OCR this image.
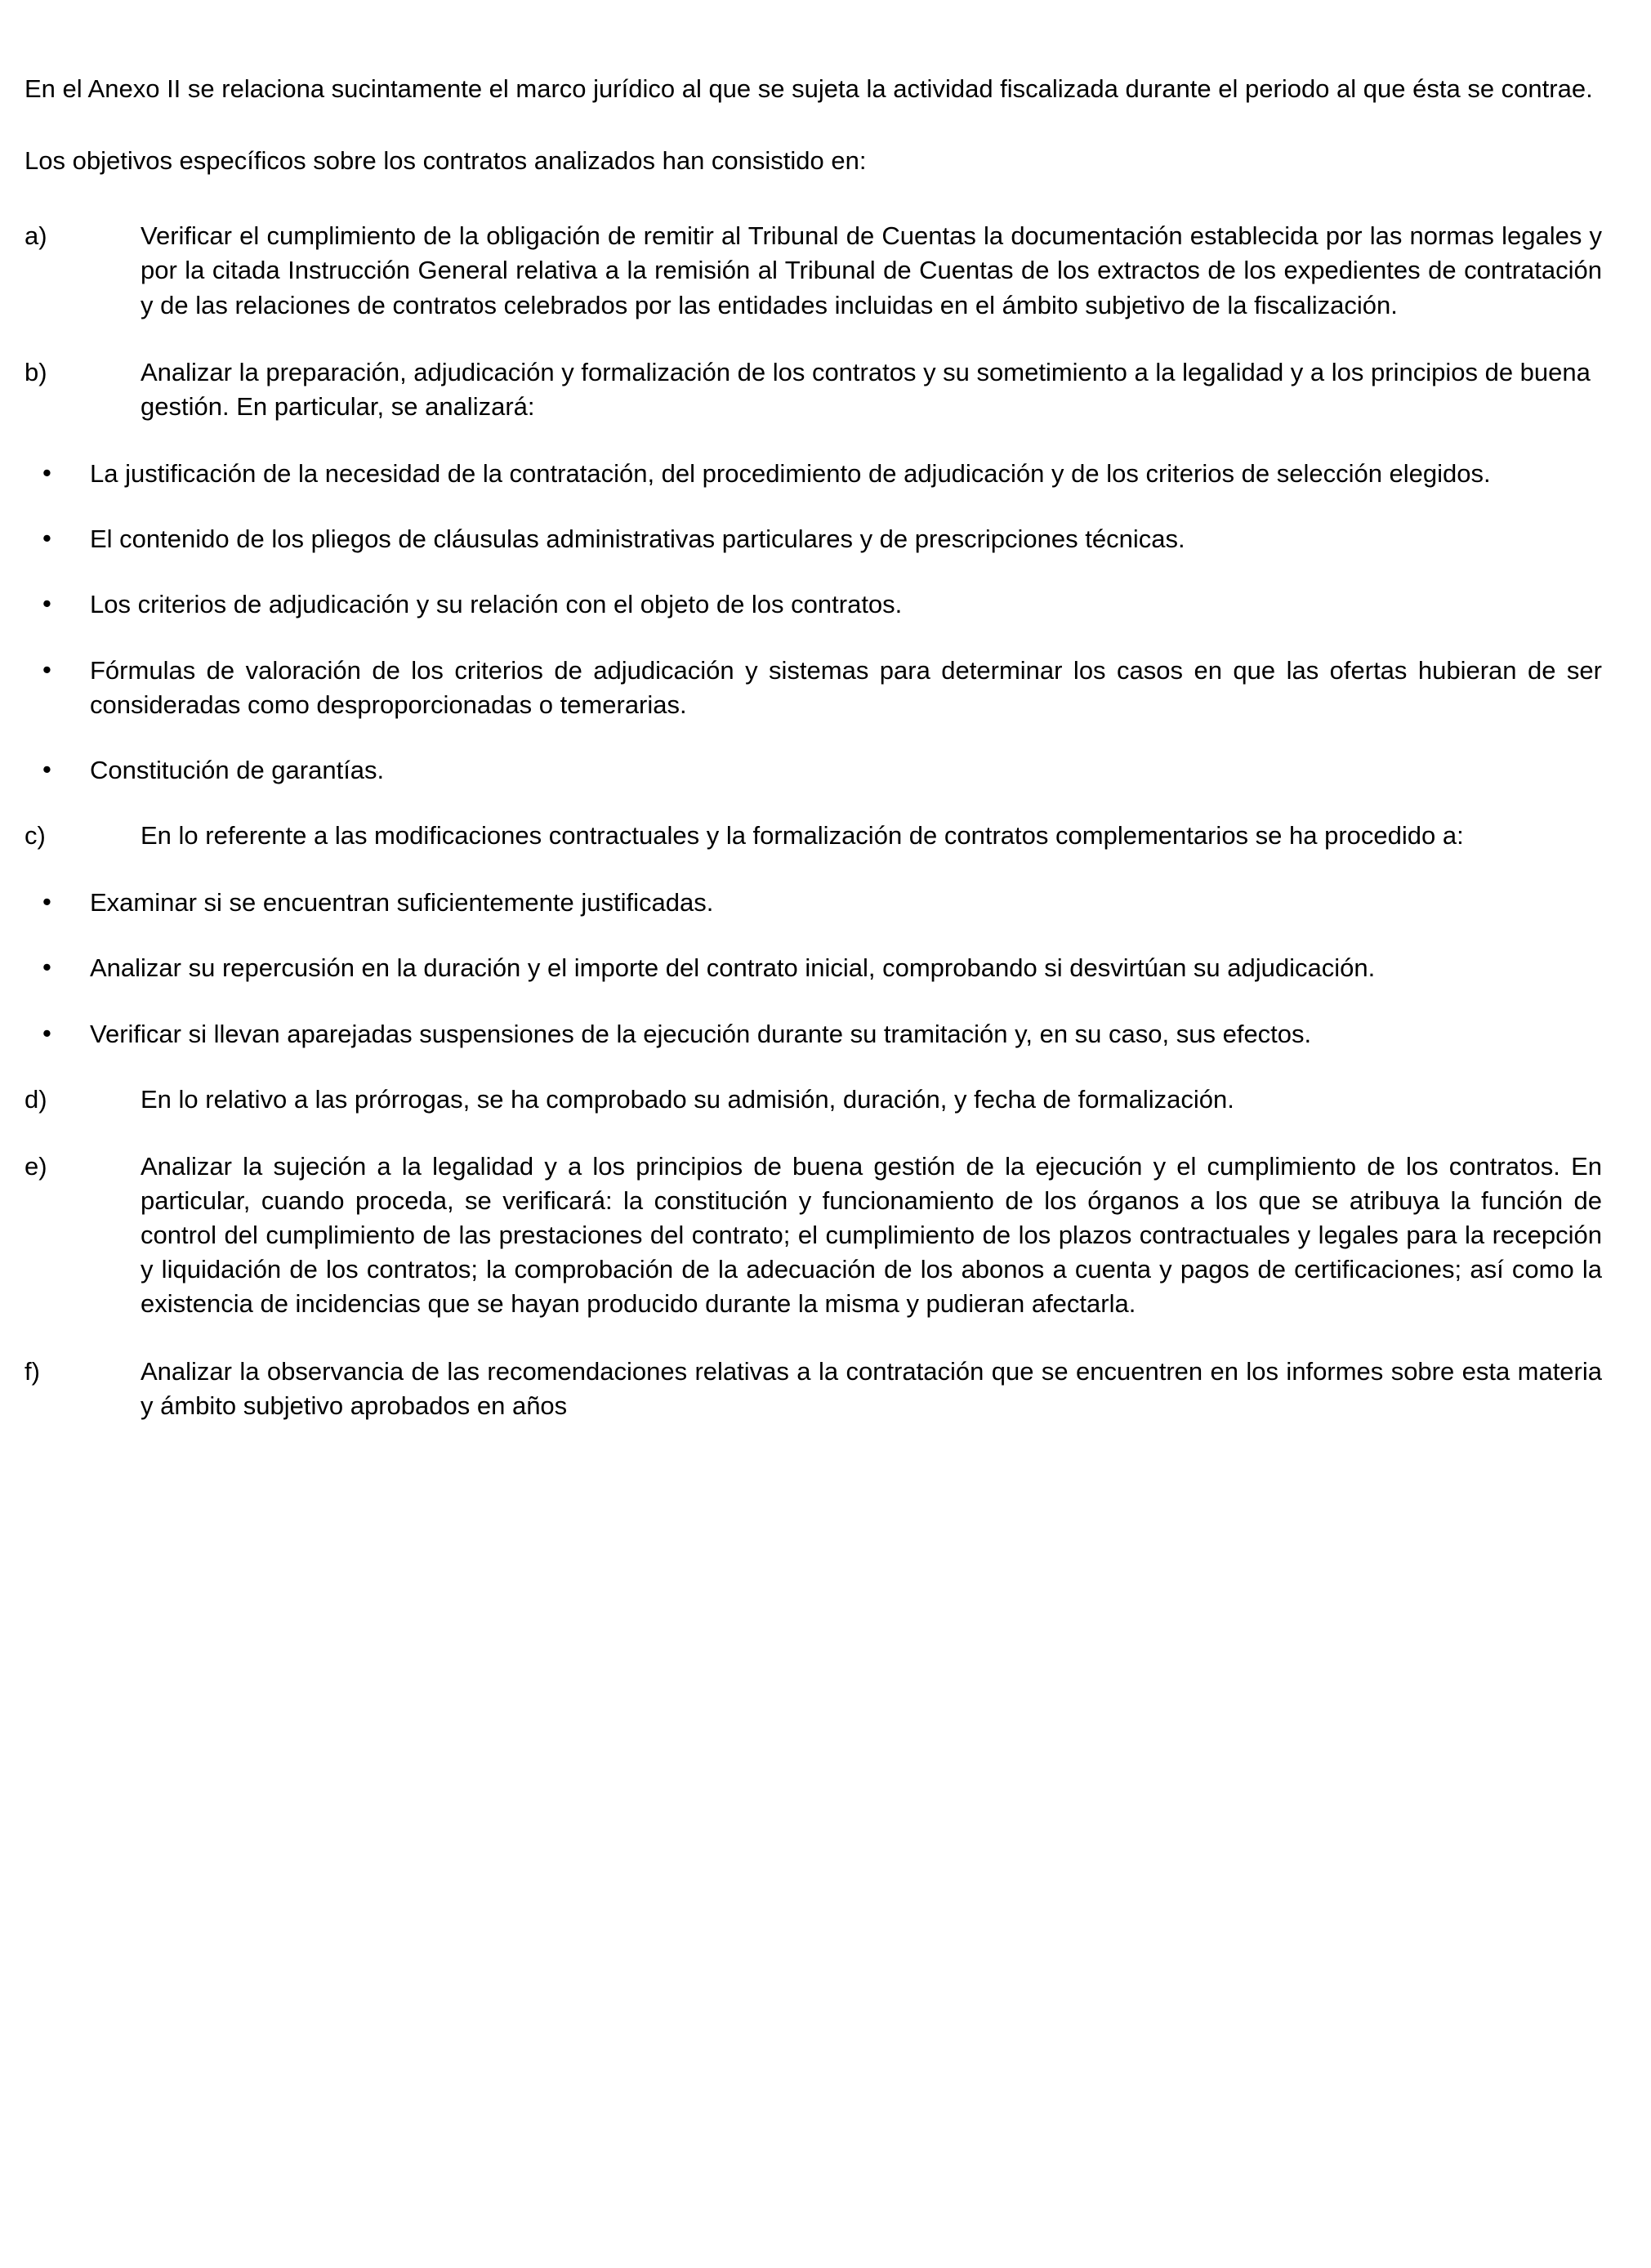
En el Anexo II se relaciona sucintamente el marco jurídico al que se sujeta la actividad fiscalizada durante el periodo al que ésta se contrae.

Los objetivos específicos sobre los contratos analizados han consistido en:

a)	Verificar el cumplimiento de la obligación de remitir al Tribunal de Cuentas la documentación establecida por las normas legales y por la citada Instrucción General relativa a la remisión al Tribunal de Cuentas de los extractos de los expedientes de contratación y de las relaciones de contratos celebrados por las entidades incluidas en el ámbito subjetivo de la fiscalización.
b)	Analizar la preparación, adjudicación y formalización de los contratos y su sometimiento a la legalidad y a los principios de buena gestión. En particular, se analizará:
•	La justificación de la necesidad de la contratación, del procedimiento de adjudicación y de los criterios de selección elegidos.
•	El contenido de los pliegos de cláusulas administrativas particulares y de prescripciones técnicas.
•	Los criterios de adjudicación y su relación con el objeto de los contratos.
•	Fórmulas de valoración de los criterios de adjudicación y sistemas para determinar los casos en que las ofertas hubieran de ser consideradas como desproporcionadas o temerarias.
•	Constitución de garantías.
c)	En lo referente a las modificaciones contractuales y la formalización de contratos complementarios se ha procedido a:
•	Examinar si se encuentran suficientemente justificadas.
•	Analizar su repercusión en la duración y el importe del contrato inicial, comprobando si desvirtúan su adjudicación.
•	Verificar si llevan aparejadas suspensiones de la ejecución durante su tramitación y, en su caso, sus efectos.
d)	En lo relativo a las prórrogas, se ha comprobado su admisión, duración, y fecha de formalización.
e)	Analizar la sujeción a la legalidad y a los principios de buena gestión de la ejecución y el cumplimiento de los contratos. En particular, cuando proceda, se verificará: la constitución y funcionamiento de los órganos a los que se atribuya la función de control del cumplimiento de las prestaciones del contrato; el cumplimiento de los plazos contractuales y legales para la recepción y liquidación de los contratos; la comprobación de la adecuación de los abonos a cuenta y pagos de certificaciones; así como la existencia de incidencias que se hayan producido durante la misma y pudieran afectarla.
f)	Analizar la observancia de las recomendaciones relativas a la contratación que se encuentren en los informes sobre esta materia y ámbito subjetivo aprobados en años
